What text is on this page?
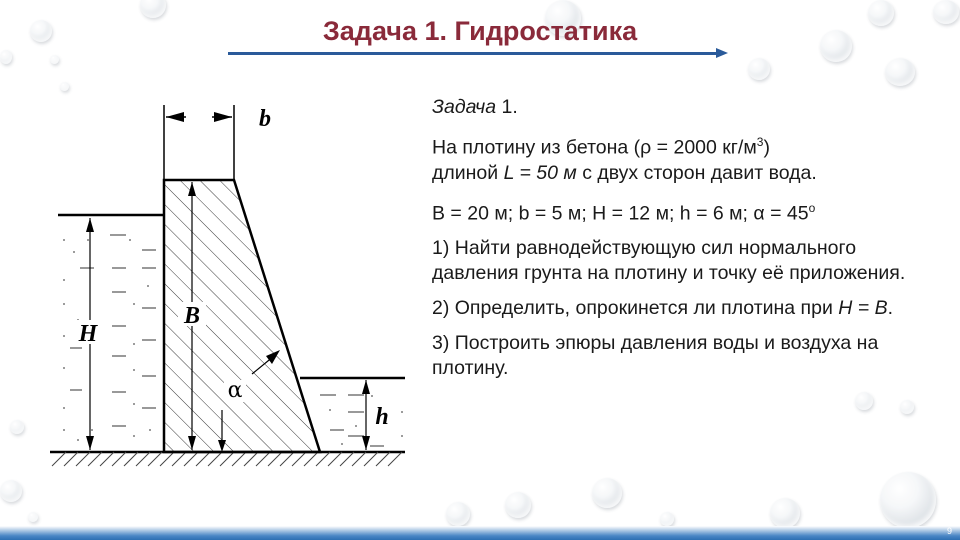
Задача 1. Гидростатика
H
b
B
α
h

Задача 1.

На плотину из бетона (ρ = 2000 $кг/м^3$)
длиной L = 50 м с двух сторон давит вода.

B = 20 м; b = 5 м; H = 12 м; h = 6 м; $\alpha = 45^о$

1) Найти равнодействующую сил нормального давления грунта на плотину и точку её приложения.

2) Определить, опрокинется ли плотина при H = B.

3) Построить эпюры давления воды и воздуха на плотину.

9
